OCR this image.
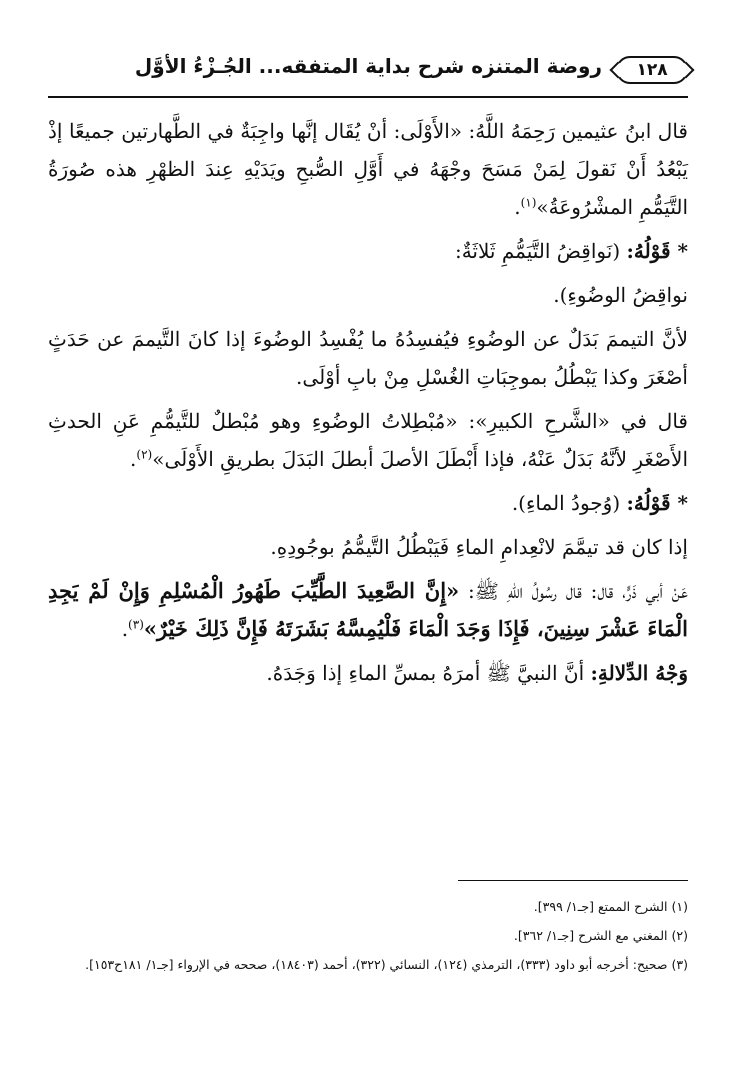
١٢٨
روضة المتنزه شرح بداية المتفقه... الجُـزْءُ الأوَّل

قال ابنُ عثيمين رَحِمَهُ اللَّهُ: «الأَوْلَى: أنْ يُقَال إنَّها واجِبَةٌ في الطَّهارتين جميعًا إذْ يَبْعُدُ أَنْ نَقولَ لِمَنْ مَسَحَ وجْهَهُ في أَوَّلِ الصُّبحِ ويَدَيْهِ عِندَ الظهْرِ هذه صُورَةُ التَّيَمُّمِ المشْرُوعَةُ»$^{(١)}$.

* قَوْلُهُ: (نَواقِضُ التَّيَمُّمِ ثَلاثَةٌ:

نواقِضُ الوضُوءِ).

لأنَّ التيممَ بَدَلٌ عن الوضُوءِ فيُفسِدُهُ ما يُفْسِدُ الوضُوءَ إذا كانَ التَّيممَ عن حَدَثٍ أصْغَرَ وكذا يَبْطُلُ بموجِبَاتِ الغُسْلِ مِنْ بابِ أوْلَى.

قال في «الشَّرحِ الكبيرِ»: «مُبْطِلاتُ الوضُوءِ وهو مُبْطلٌ للتَّيمُّمِ عَنِ الحدثِ الأَصْغَرِ لأنَّهُ بَدَلٌ عَنْهُ، فإذا أَبْطَلَ الأصلَ أبطلَ البَدَلَ بطريقِ الأَوْلَى»$^{(٢)}$.

* قَوْلُهُ: (وُجودُ الماءِ).

إذا كان قد تيمَّمَ لانْعِدامِ الماءِ فَيَبْطُلُ التَّيمُّمُ بوجُودِهِ.

عَنْ أبي ذَرٍّ، قال: قال رسُولُ اللهِ ﷺ: «إِنَّ الصَّعِيدَ الطَّيِّبَ طَهُورُ الْمُسْلِمِ وَإِنْ لَمْ يَجِدِ الْمَاءَ عَشْرَ سِنِينَ، فَإِذَا وَجَدَ الْمَاءَ فَلْيُمِسَّهُ بَشَرَتَهُ فَإِنَّ ذَلِكَ خَيْرٌ»$^{(٣)}$.

وَجْهُ الدِّلالةِ: أنَّ النبيَّ ﷺ أمرَهُ بمسِّ الماءِ إذا وَجَدَهُ.

(١)الشرح الممتع [جـ١/ ٣٩٩].

(٢)المغني مع الشرح [جـ١/ ٣٦٢].

(٣)صحيح: أخرجه أبو داود (٣٣٣)، الترمذي (١٢٤)، النسائي (٣٢٢)، أحمد (١٨٤٠٣)، صححه في الإرواء [جـ١/ ١٨١ح١٥٣].
